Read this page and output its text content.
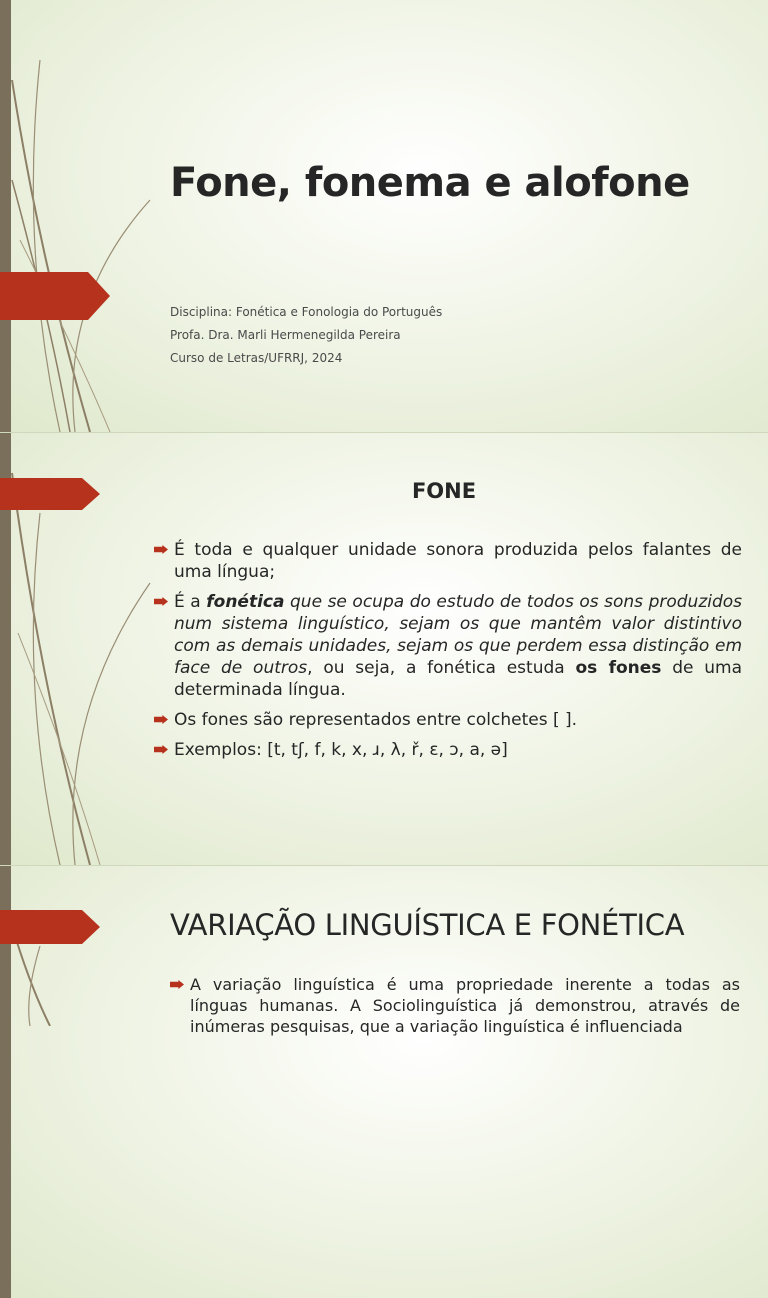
Fone, fonema e alofone

Disciplina: Fonética e Fonologia do Português

Profa. Dra. Marli Hermenegilda Pereira

Curso de Letras/UFRRJ, 2024

FONE
É toda e qualquer unidade sonora produzida pelos falantes de uma língua;
É a fonética que se ocupa do estudo de todos os sons produzidos num sistema linguístico, sejam os que mantêm valor distintivo com as demais unidades, sejam os que perdem essa distinção em face de outros, ou seja, a fonética estuda os fones de uma determinada língua.
Os fones são representados entre colchetes [ ].
Exemplos: [t, tʃ, f, k, x, ɹ, λ, ř, ɛ, ɔ, a, ə]
VARIAÇÃO LINGUÍSTICA E FONÉTICA
A variação linguística é uma propriedade inerente a todas as línguas humanas. A Sociolinguística já demonstrou, através de inúmeras pesquisas, que a variação linguística é influenciada
